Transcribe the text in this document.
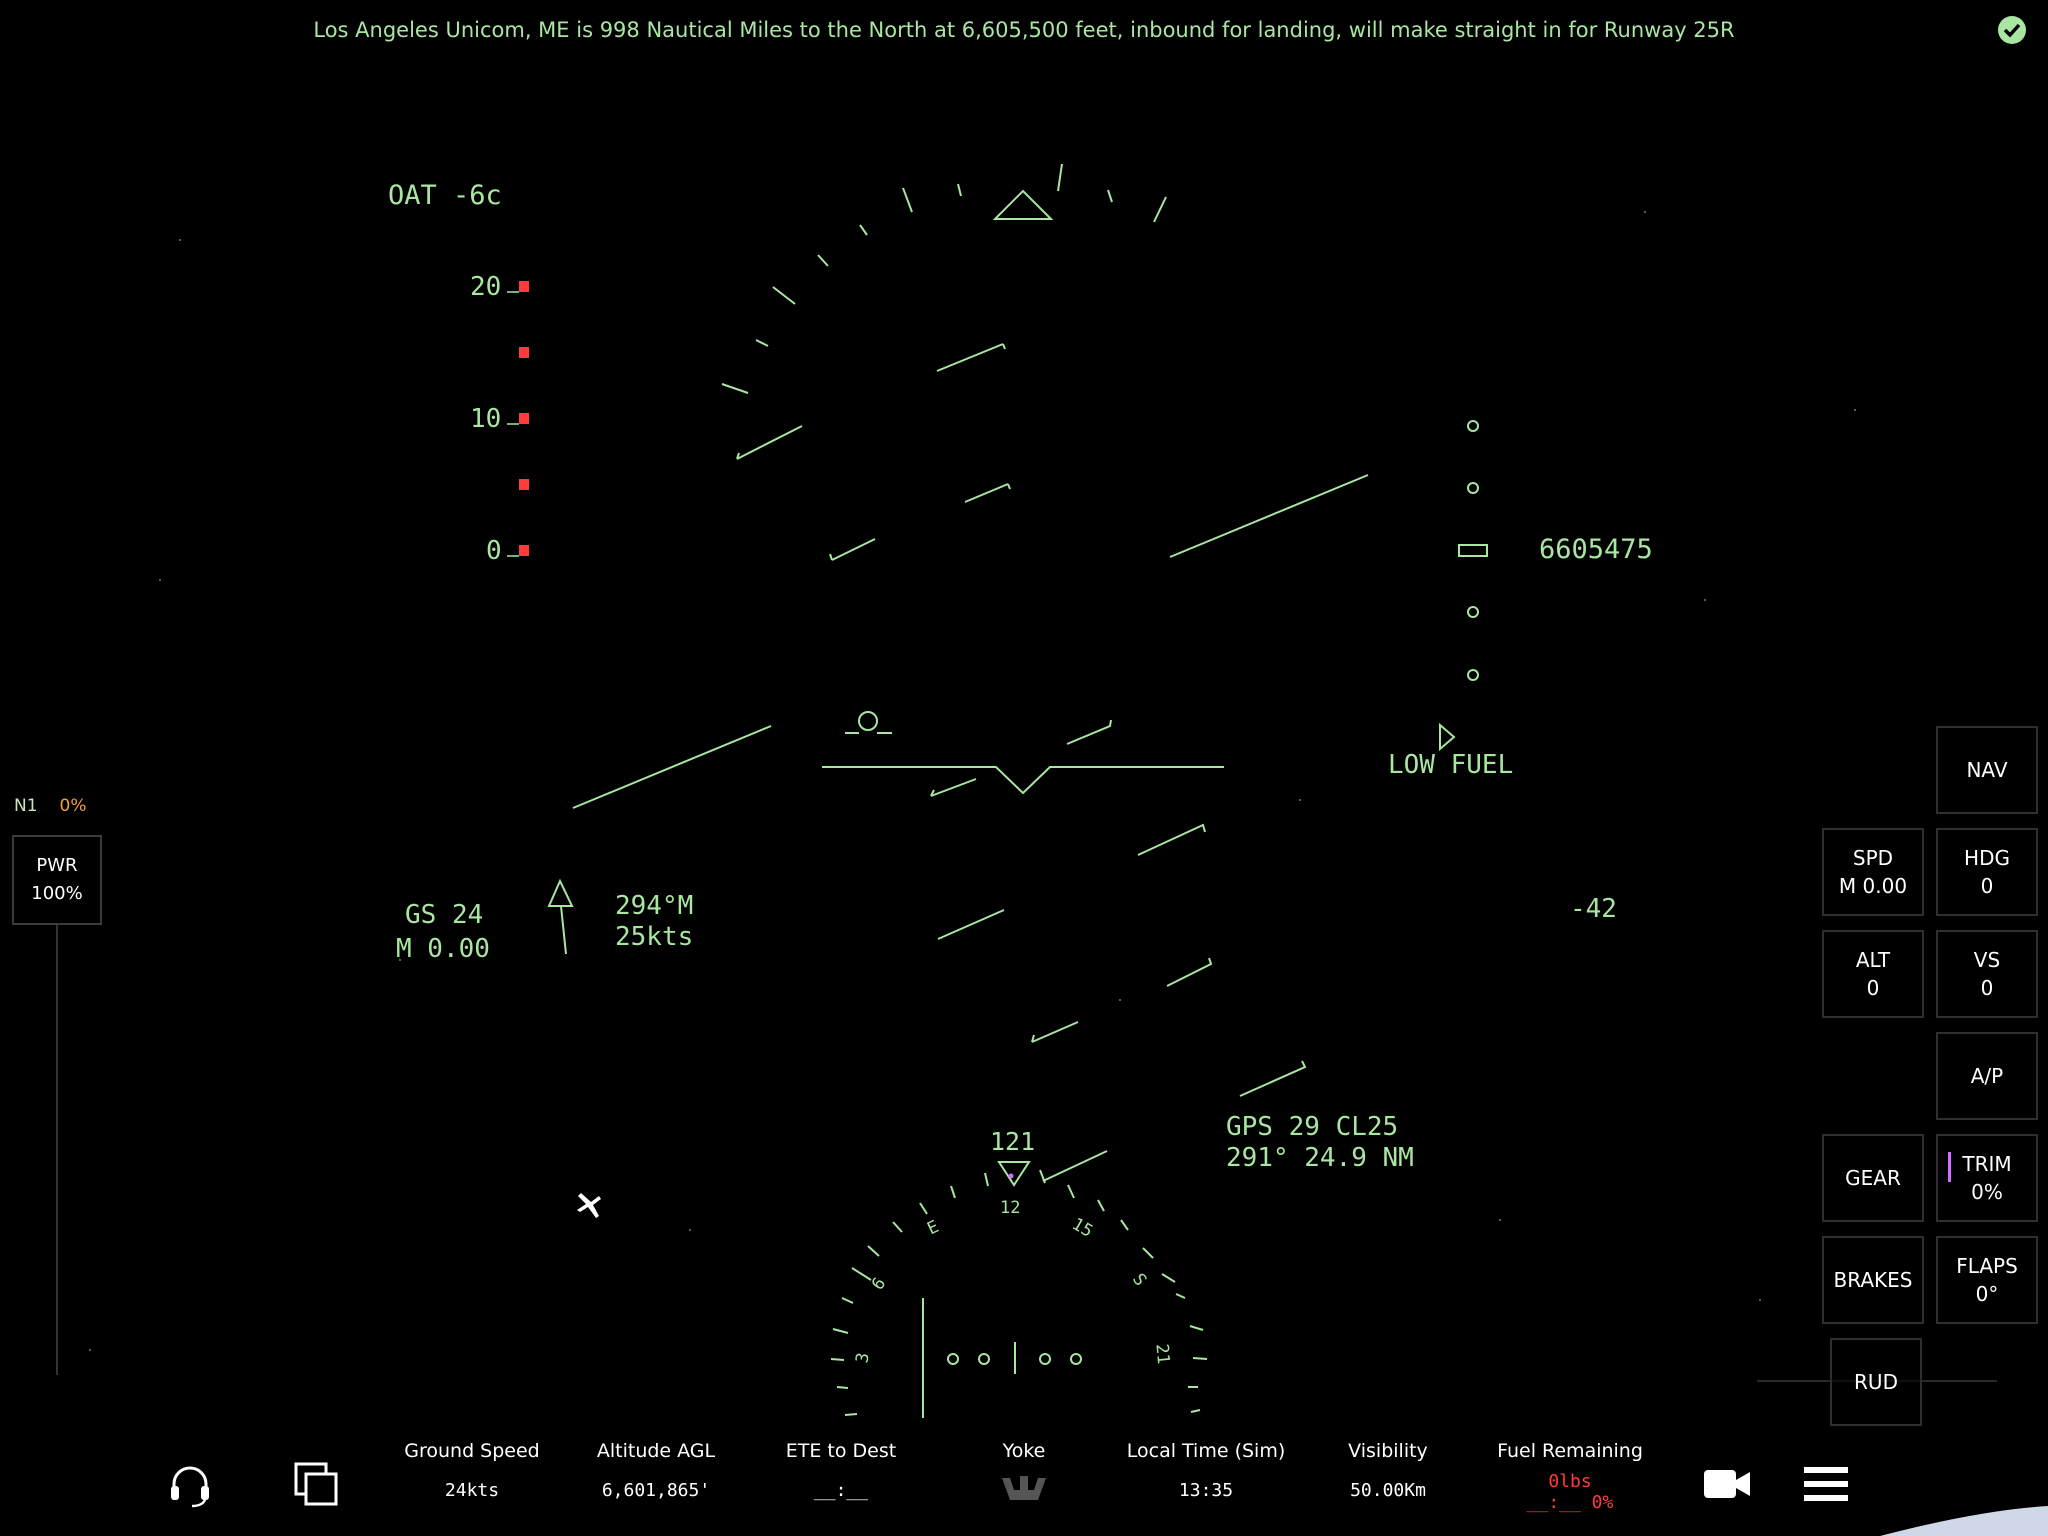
Los Angeles Unicom, ME is 998 Nautical Miles to the North at 6,605,500 feet, inbound for landing, will make straight in for Runway 25R
OAT -6c
20
10
0	6605475
LOW FUEL
GS 24
M 0.00
294°M
25kts
-42
121
12
GPS 29 CL25
291° 24.9 NM
3
6
E	15
S
21
N1 0%
PWR
100%
NAV
SPD
M 0.00
HDG
0
ALT
0
VS
0
A/P
GEAR
TRIM
0%
BRAKES
FLAPS
0°
RUD
Ground Speed
24kts
Altitude AGL
6,601,865'
ETE to Dest
__:__
Yoke	Local Time (Sim)
13:35
Visibility
50.00Km
Fuel Remaining
0lbs
__:__ 0%
